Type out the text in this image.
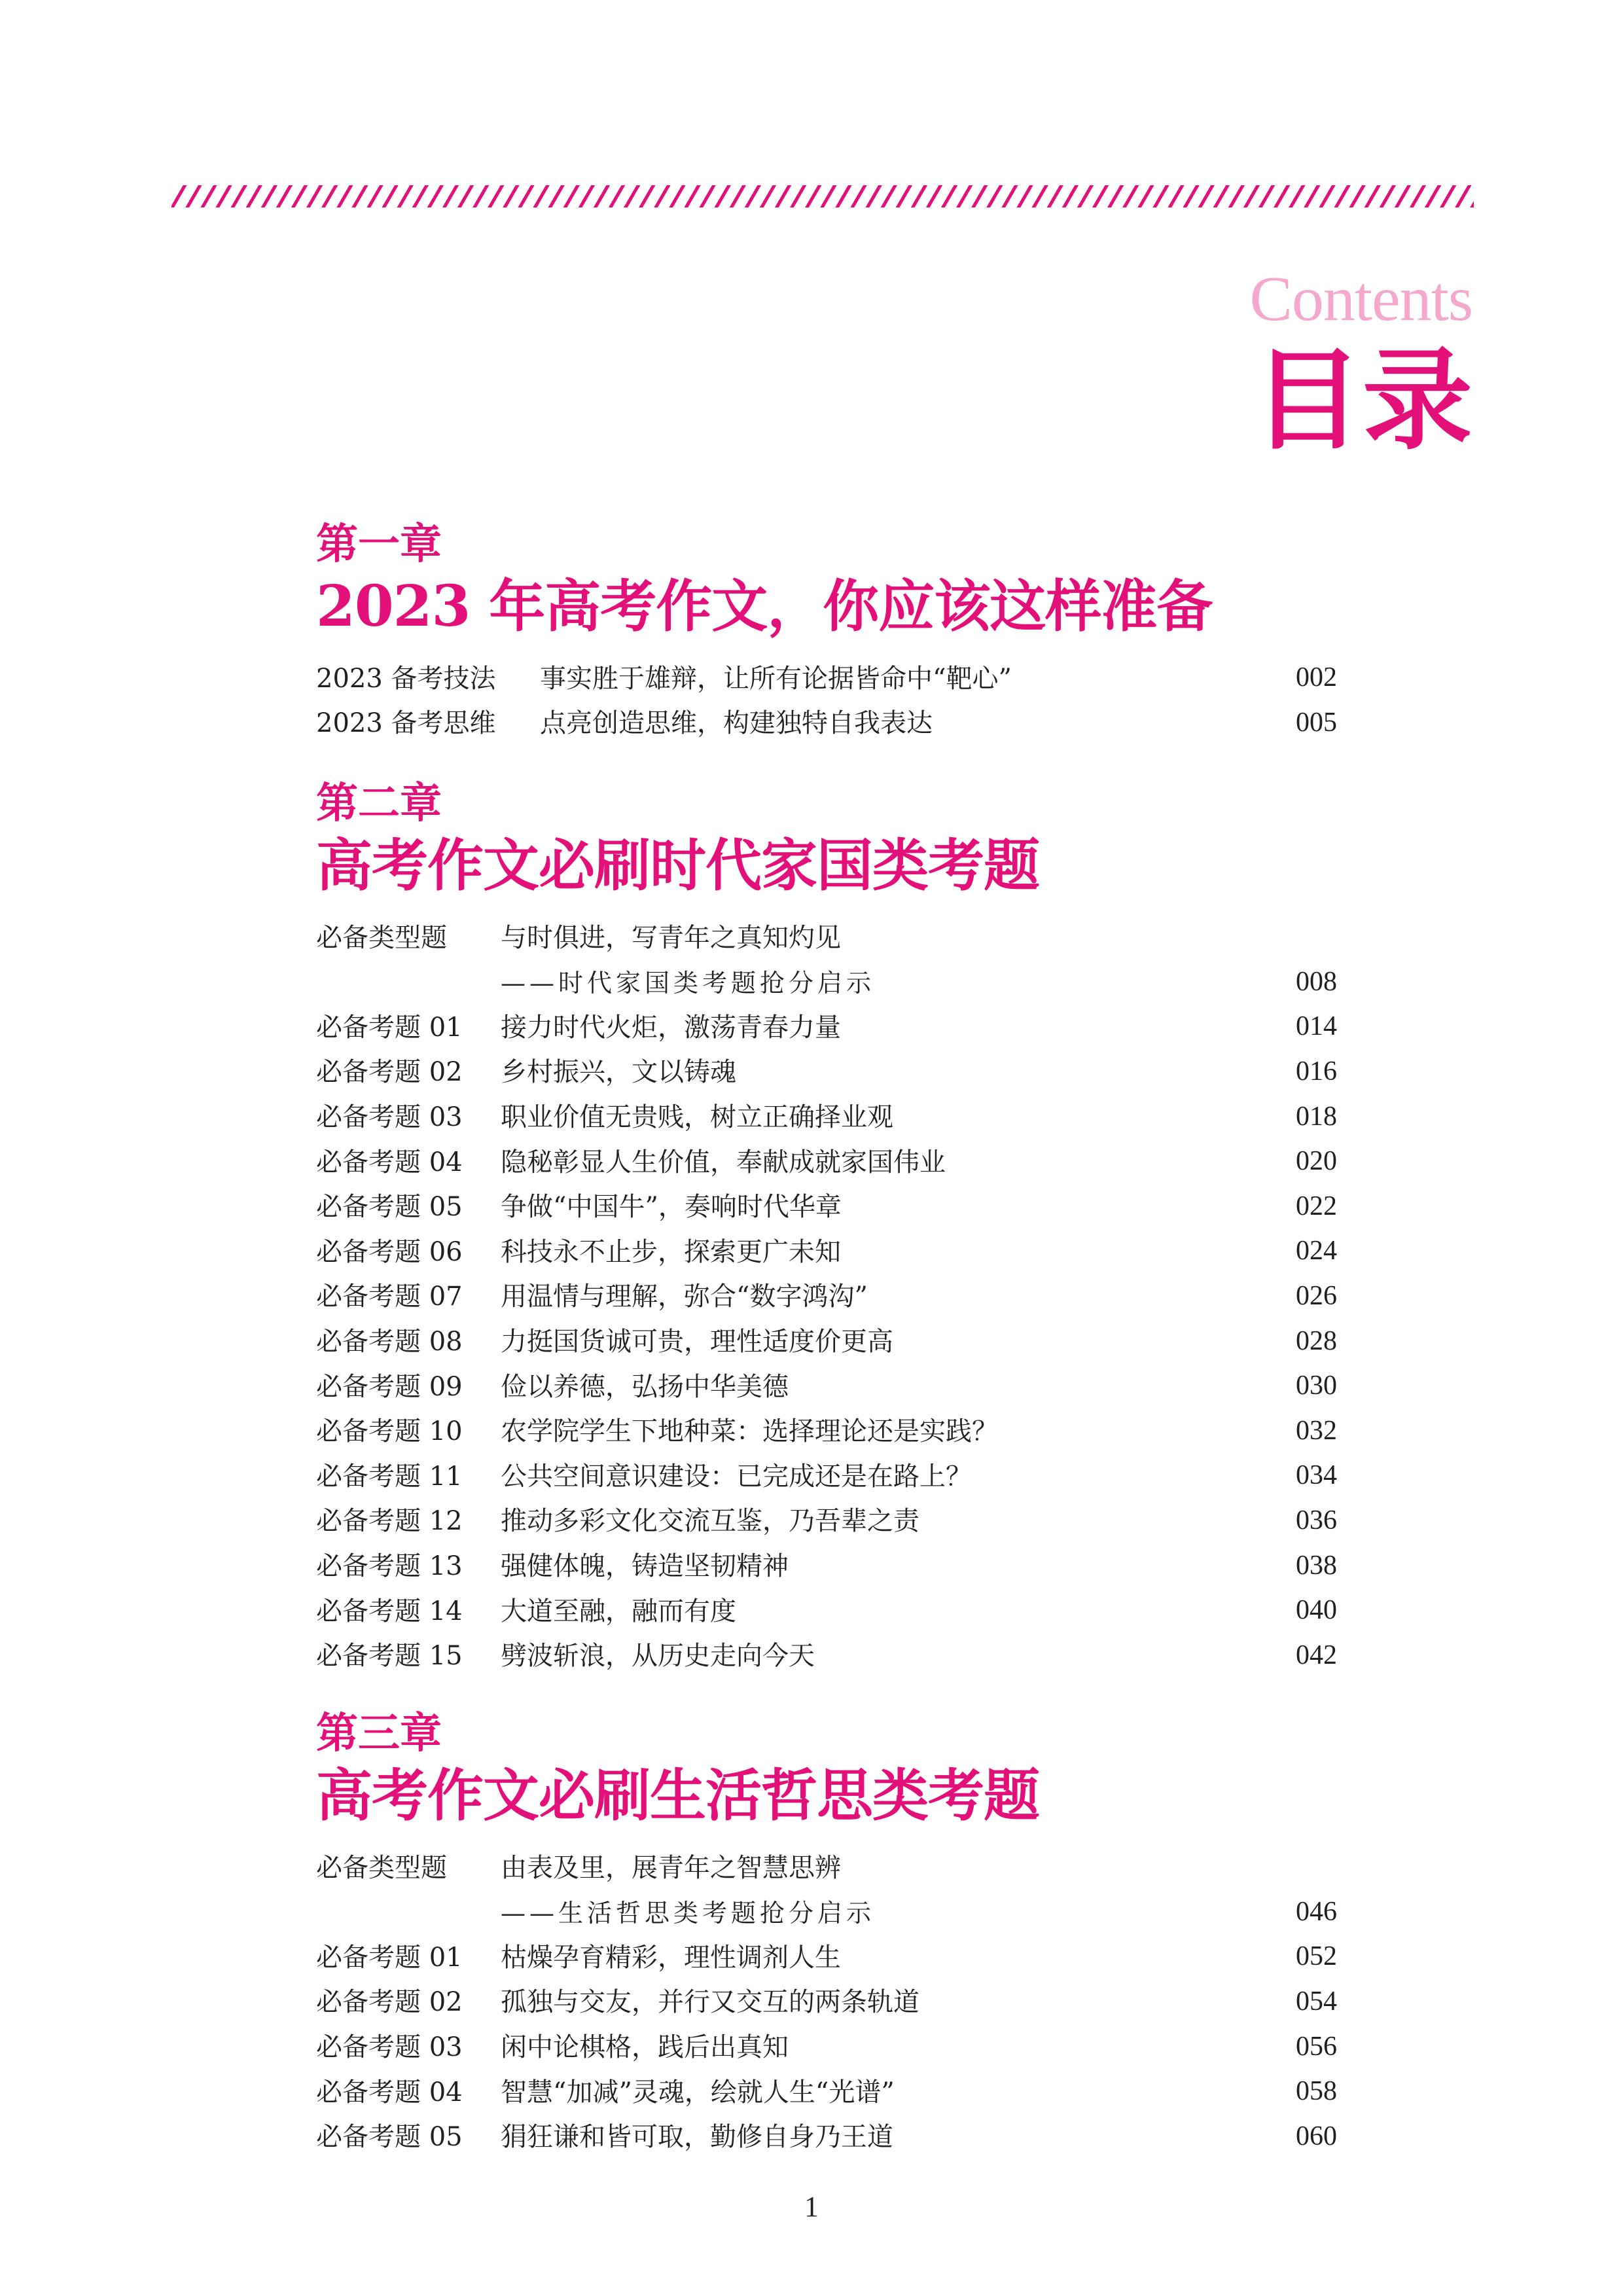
Contents
目录
第一章
2023 年高考作文，你应该这样准备
2023 备考技法	事实胜于雄辩，让所有论据皆命中“靶心”	002
2023 备考思维	点亮创造思维，构建独特自我表达	005
第二章
高考作文必刷时代家国类考题
必备类型题	与时俱进，写青年之真知灼见
——时代家国类考题抢分启示	008
必备考题 01	接力时代火炬，激荡青春力量	014
必备考题 02	乡村振兴，文以铸魂	016
必备考题 03	职业价值无贵贱，树立正确择业观	018
必备考题 04	隐秘彰显人生价值，奉献成就家国伟业	020
必备考题 05	争做“中国牛”，奏响时代华章	022
必备考题 06	科技永不止步，探索更广未知	024
必备考题 07	用温情与理解，弥合“数字鸿沟”	026
必备考题 08	力挺国货诚可贵，理性适度价更高	028
必备考题 09	俭以养德，弘扬中华美德	030
必备考题 10	农学院学生下地种菜：选择理论还是实践？	032
必备考题 11	公共空间意识建设：已完成还是在路上？	034
必备考题 12	推动多彩文化交流互鉴，乃吾辈之责	036
必备考题 13	强健体魄，铸造坚韧精神	038
必备考题 14	大道至融，融而有度	040
必备考题 15	劈波斩浪，从历史走向今天	042
第三章
高考作文必刷生活哲思类考题
必备类型题	由表及里，展青年之智慧思辨
——生活哲思类考题抢分启示	046
必备考题 01	枯燥孕育精彩，理性调剂人生	052
必备考题 02	孤独与交友，并行又交互的两条轨道	054
必备考题 03	闲中论棋格，践后出真知	056
必备考题 04	智慧“加减”灵魂，绘就人生“光谱”	058
必备考题 05	狷狂谦和皆可取，勤修自身乃王道	060
1
